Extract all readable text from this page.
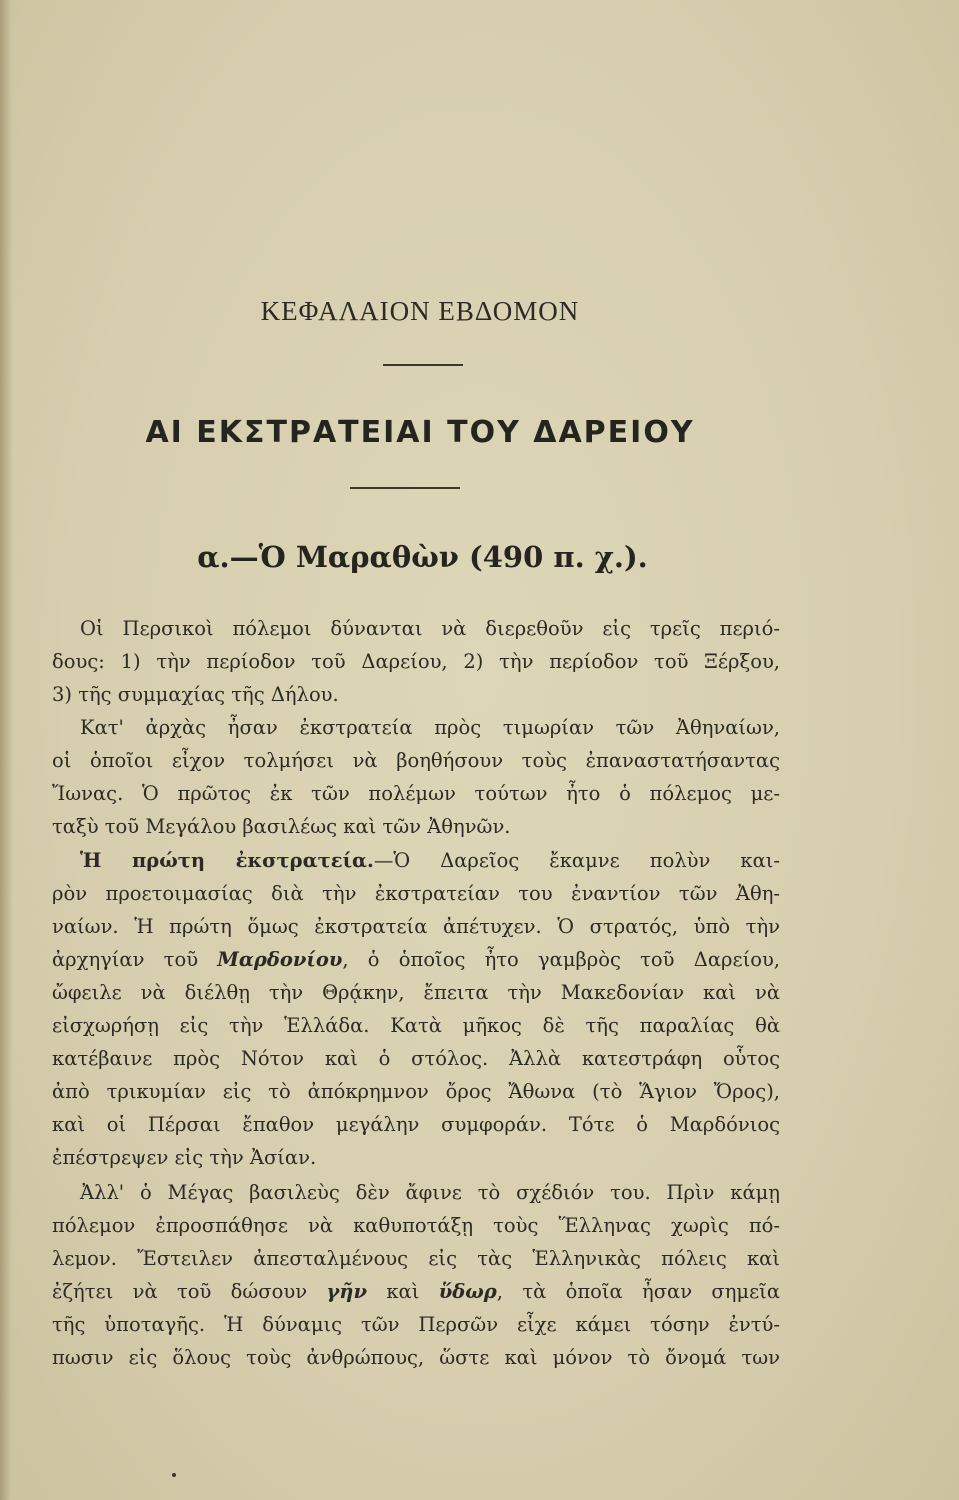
ΚΕΦΑΛΑΙΟΝ ΕΒΔΟΜΟΝ
ΑΙ ΕΚΣΤΡΑΤΕΙΑΙ ΤΟΥ ΔΑΡΕΙΟΥ
α.—Ὁ Μαραθὼν (490 π. χ.).
Οἱ Περσικοὶ πόλεμοι δύνανται νὰ διερεθοῦν εἰς τρεῖς περιό-
δους: 1) τὴν περίοδον τοῦ Δαρείου, 2) τὴν περίοδον τοῦ Ξέρξου,
3) τῆς συμμαχίας τῆς Δήλου.
Κατ' ἀρχὰς ἦσαν ἐκστρατεία πρὸς τιμωρίαν τῶν Ἀθηναίων,
οἱ ὁποῖοι εἶχον τολμήσει νὰ βοηθήσουν τοὺς ἐπαναστατήσαντας
Ἴωνας. Ὁ πρῶτος ἐκ τῶν πολέμων τούτων ἦτο ὁ πόλεμος με-
ταξὺ τοῦ Μεγάλου βασιλέως καὶ τῶν Ἀθηνῶν.
Ἡ πρώτη ἐκστρατεία.—Ὁ Δαρεῖος ἔκαμνε πολὺν και-
ρὸν προετοιμασίας διὰ τὴν ἐκστρατείαν του ἐναντίον τῶν Ἀθη-
ναίων. Ἡ πρώτη ὅμως ἐκστρατεία ἀπέτυχεν. Ὁ στρατός, ὑπὸ τὴν
ἀρχηγίαν τοῦ Μαρδονίου, ὁ ὁποῖος ἦτο γαμβρὸς τοῦ Δαρείου,
ὤφειλε νὰ διέλθῃ τὴν Θρᾴκην, ἔπειτα τὴν Μακεδονίαν καὶ νὰ
εἰσχωρήσῃ εἰς τὴν Ἑλλάδα. Κατὰ μῆκος δὲ τῆς παραλίας θὰ
κατέβαινε πρὸς Νότον καὶ ὁ στόλος. Ἀλλὰ κατεστράφη οὗτος
ἀπὸ τρικυμίαν εἰς τὸ ἀπόκρημνον ὄρος Ἄθωνα (τὸ Ἅγιον Ὄρος),
καὶ οἱ Πέρσαι ἔπαθον μεγάλην συμφοράν. Τότε ὁ Μαρδόνιος
ἐπέστρεψεν εἰς τὴν Ἀσίαν.
Ἀλλ' ὁ Μέγας βασιλεὺς δὲν ἄφινε τὸ σχέδιόν του. Πρὶν κάμῃ
πόλεμον ἐπροσπάθησε νὰ καθυποτάξῃ τοὺς Ἕλληνας χωρὶς πό-
λεμον. Ἔστειλεν ἀπεσταλμένους εἰς τὰς Ἑλληνικὰς πόλεις καὶ
ἐζήτει νὰ τοῦ δώσουν γῆν καὶ ὕδωρ, τὰ ὁποῖα ἦσαν σημεῖα
τῆς ὑποταγῆς. Ἡ δύναμις τῶν Περσῶν εἶχε κάμει τόσην ἐντύ-
πωσιν εἰς ὅλους τοὺς ἀνθρώπους, ὥστε καὶ μόνον τὸ ὄνομά των
